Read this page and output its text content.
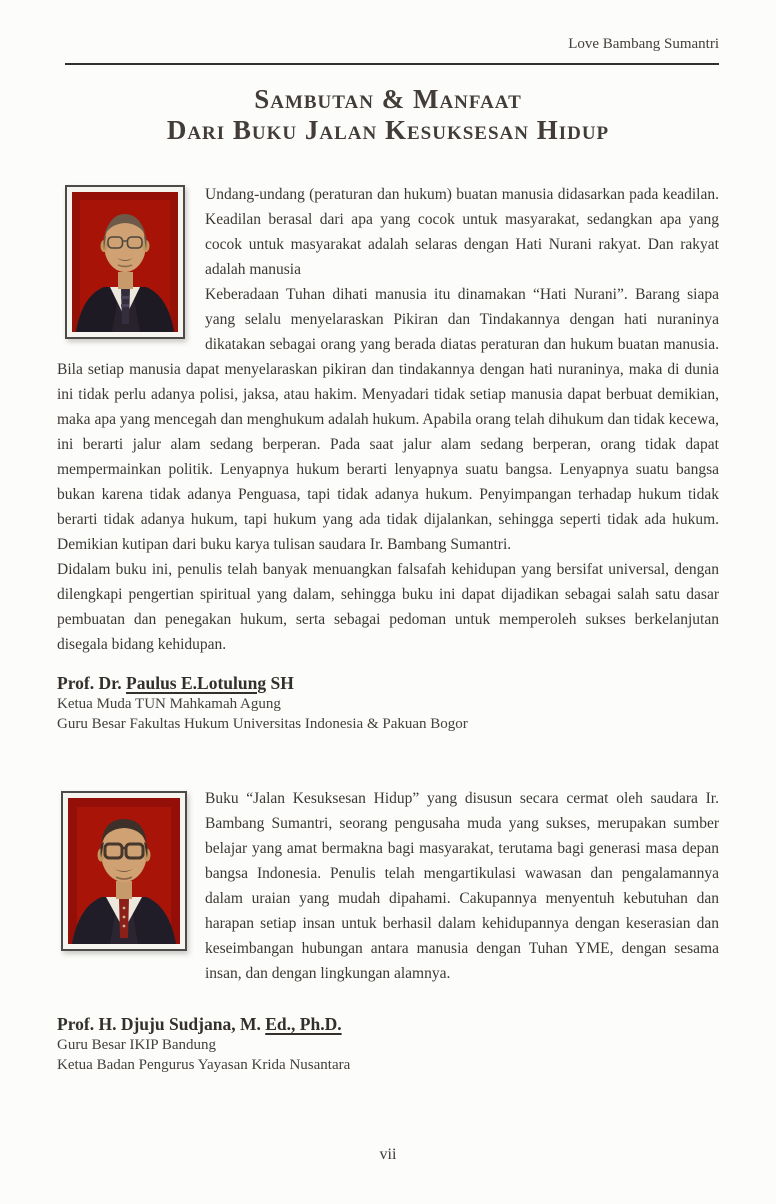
Love Bambang Sumantri
Sambutan & Manfaat
Dari Buku Jalan Kesuksesan Hidup

Undang-undang (peraturan dan hukum) buatan manusia didasarkan pada keadilan. Keadilan berasal dari apa yang cocok untuk masyarakat, sedangkan apa yang cocok untuk masyarakat adalah selaras dengan Hati Nurani rakyat. Dan rakyat adalah manusia

Keberadaan Tuhan dihati manusia itu dinamakan “Hati Nurani”. Barang siapa yang selalu menyelaraskan Pikiran dan Tindakannya dengan hati nuraninya dikatakan sebagai orang yang berada diatas peraturan dan hukum buatan manusia. Bila setiap manusia dapat menyelaraskan pikiran dan tindakannya dengan hati nuraninya, maka di dunia ini tidak perlu adanya polisi, jaksa, atau hakim. Menyadari tidak setiap manusia dapat berbuat demikian, maka apa yang mencegah dan menghukum adalah hukum. Apabila orang telah dihukum dan tidak kecewa, ini berarti jalur alam sedang berperan. Pada saat jalur alam sedang berperan, orang tidak dapat mempermainkan politik. Lenyapnya hukum berarti lenyapnya suatu bangsa. Lenyapnya suatu bangsa bukan karena tidak adanya Penguasa, tapi tidak adanya hukum. Penyimpangan terhadap hukum tidak berarti tidak adanya hukum, tapi hukum yang ada tidak dijalankan, sehingga seperti tidak ada hukum. Demikian kutipan dari buku karya tulisan saudara Ir. Bambang Sumantri.

Didalam buku ini, penulis telah banyak menuangkan falsafah kehidupan yang bersifat universal, dengan dilengkapi pengertian spiritual yang dalam, sehingga buku ini dapat dijadikan sebagai salah satu dasar pembuatan dan penegakan hukum, serta sebagai pedoman untuk memperoleh sukses berkelanjutan disegala bidang kehidupan.

Prof. Dr. Paulus E.Lotulung SH
Ketua Muda TUN Mahkamah Agung
Guru Besar Fakultas Hukum Universitas Indonesia & Pakuan Bogor

Buku “Jalan Kesuksesan Hidup” yang disusun secara cermat oleh saudara Ir. Bambang Sumantri, seorang pengusaha muda yang sukses, merupakan sumber belajar yang amat bermakna bagi masyarakat, terutama bagi generasi masa depan bangsa Indonesia. Penulis telah mengartikulasi wawasan dan pengalamannya dalam uraian yang mudah dipahami. Cakupannya menyentuh kebutuhan dan harapan setiap insan untuk berhasil dalam kehidupannya dengan keserasian dan keseimbangan hubungan antara manusia dengan Tuhan YME, dengan sesama insan, dan dengan lingkungan alamnya.

Prof. H. Djuju Sudjana, M. Ed., Ph.D.
Guru Besar IKIP Bandung
Ketua Badan Pengurus Yayasan Krida Nusantara
vii
